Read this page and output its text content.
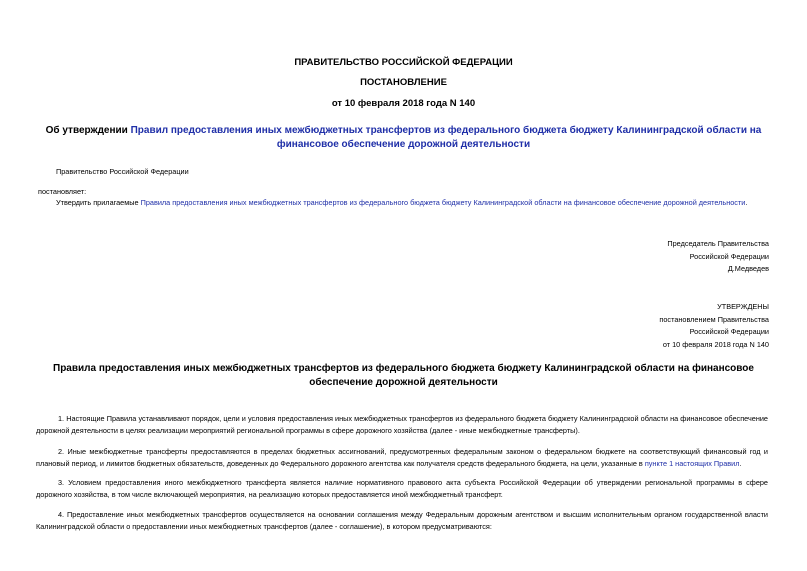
ПРАВИТЕЛЬСТВО РОССИЙСКОЙ ФЕДЕРАЦИИ
ПОСТАНОВЛЕНИЕ
от 10 февраля 2018 года N 140
Об утверждении Правил предоставления иных межбюджетных трансфертов из федерального бюджета бюджету Калининградской области на финансовое обеспечение дорожной деятельности
Правительство Российской Федерации
постановляет:
Утвердить прилагаемые Правила предоставления иных межбюджетных трансфертов из федерального бюджета бюджету Калининградской области на финансовое обеспечение дорожной деятельности.
Председатель Правительства
Российской Федерации
Д.Медведев
УТВЕРЖДЕНЫ
постановлением Правительства
Российской Федерации
от 10 февраля 2018 года N 140
Правила предоставления иных межбюджетных трансфертов из федерального бюджета бюджету Калининградской области на финансовое обеспечение дорожной деятельности
1. Настоящие Правила устанавливают порядок, цели и условия предоставления иных межбюджетных трансфертов из федерального бюджета бюджету Калининградской области на финансовое обеспечение дорожной деятельности в целях реализации мероприятий региональной программы в сфере дорожного хозяйства (далее - иные межбюджетные трансферты).
2. Иные межбюджетные трансферты предоставляются в пределах бюджетных ассигнований, предусмотренных федеральным законом о федеральном бюджете на соответствующий финансовый год и плановый период, и лимитов бюджетных обязательств, доведенных до Федерального дорожного агентства как получателя средств федерального бюджета, на цели, указанные в пункте 1 настоящих Правил.
3. Условием предоставления иного межбюджетного трансферта является наличие нормативного правового акта субъекта Российской Федерации об утверждении региональной программы в сфере дорожного хозяйства, в том числе включающей мероприятия, на реализацию которых предоставляется иной межбюджетный трансферт.
4. Предоставление иных межбюджетных трансфертов осуществляется на основании соглашения между Федеральным дорожным агентством и высшим исполнительным органом государственной власти Калининградской области о предоставлении иных межбюджетных трансфертов (далее - соглашение), в котором предусматриваются:
